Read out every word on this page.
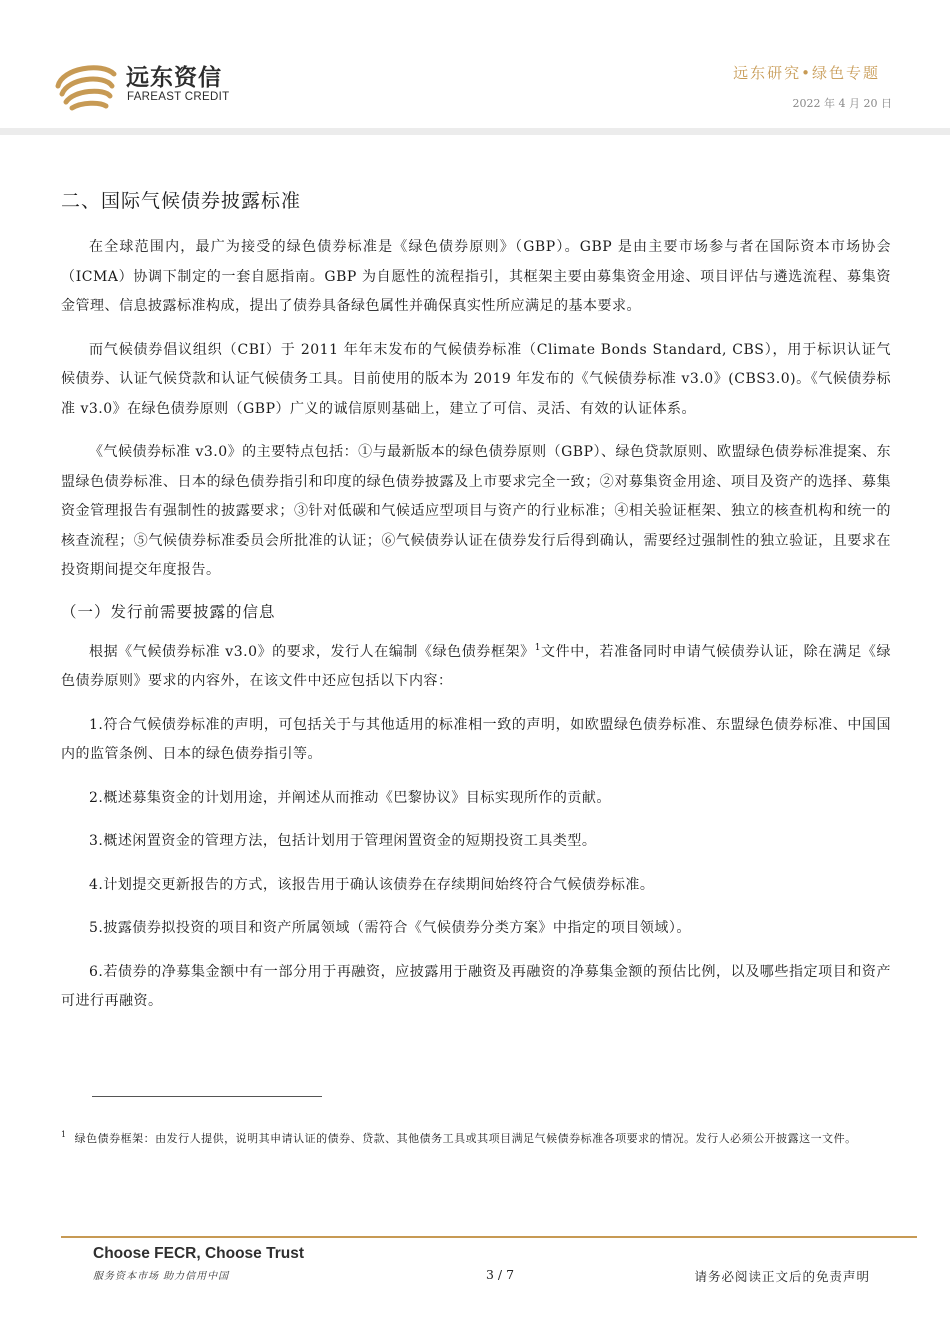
远东资信
FAREAST CREDIT
远东研究•绿色专题
2022 年 4 月 20 日
二、国际气候债券披露标准

在全球范围内，最广为接受的绿色债券标准是《绿色债券原则》（GBP）。GBP 是由主要市场参与者在国际资本市场协会（ICMA）协调下制定的一套自愿指南。GBP 为自愿性的流程指引，其框架主要由募集资金用途、项目评估与遴选流程、募集资金管理、信息披露标准构成，提出了债券具备绿色属性并确保真实性所应满足的基本要求。

而气候债券倡议组织（CBI）于 2011 年年末发布的气候债券标准（Climate Bonds Standard, CBS），用于标识认证气候债券、认证气候贷款和认证气候债务工具。目前使用的版本为 2019 年发布的《气候债券标准 v3.0》(CBS3.0)。《气候债券标准 v3.0》在绿色债券原则（GBP）广义的诚信原则基础上，建立了可信、灵活、有效的认证体系。

《气候债券标准 v3.0》的主要特点包括：①与最新版本的绿色债券原则（GBP）、绿色贷款原则、欧盟绿色债券标准提案、东盟绿色债券标准、日本的绿色债券指引和印度的绿色债券披露及上市要求完全一致；②对募集资金用途、项目及资产的选择、募集资金管理报告有强制性的披露要求；③针对低碳和气候适应型项目与资产的行业标准；④相关验证框架、独立的核查机构和统一的核查流程；⑤气候债券标准委员会所批准的认证；⑥气候债券认证在债券发行后得到确认，需要经过强制性的独立验证，且要求在投资期间提交年度报告。

（一）发行前需要披露的信息

根据《气候债券标准 v3.0》的要求，发行人在编制《绿色债券框架》$^1$文件中，若准备同时申请气候债券认证，除在满足《绿色债券原则》要求的内容外，在该文件中还应包括以下内容：

1.符合气候债券标准的声明，可包括关于与其他适用的标准相一致的声明，如欧盟绿色债券标准、东盟绿色债券标准、中国国内的监管条例、日本的绿色债券指引等。

2.概述募集资金的计划用途，并阐述从而推动《巴黎协议》目标实现所作的贡献。

3.概述闲置资金的管理方法，包括计划用于管理闲置资金的短期投资工具类型。

4.计划提交更新报告的方式，该报告用于确认该债券在存续期间始终符合气候债券标准。

5.披露债券拟投资的项目和资产所属领域（需符合《气候债券分类方案》中指定的项目领域）。

6.若债券的净募集金额中有一部分用于再融资，应披露用于融资及再融资的净募集金额的预估比例，以及哪些指定项目和资产可进行再融资。

$^1$ 绿色债券框架：由发行人提供，说明其申请认证的债券、贷款、其他债务工具或其项目满足气候债券标准各项要求的情况。发行人必须公开披露这一文件。
Choose FECR, Choose Trust
服务资本市场 助力信用中国	3 / 7	请务必阅读正文后的免责声明
